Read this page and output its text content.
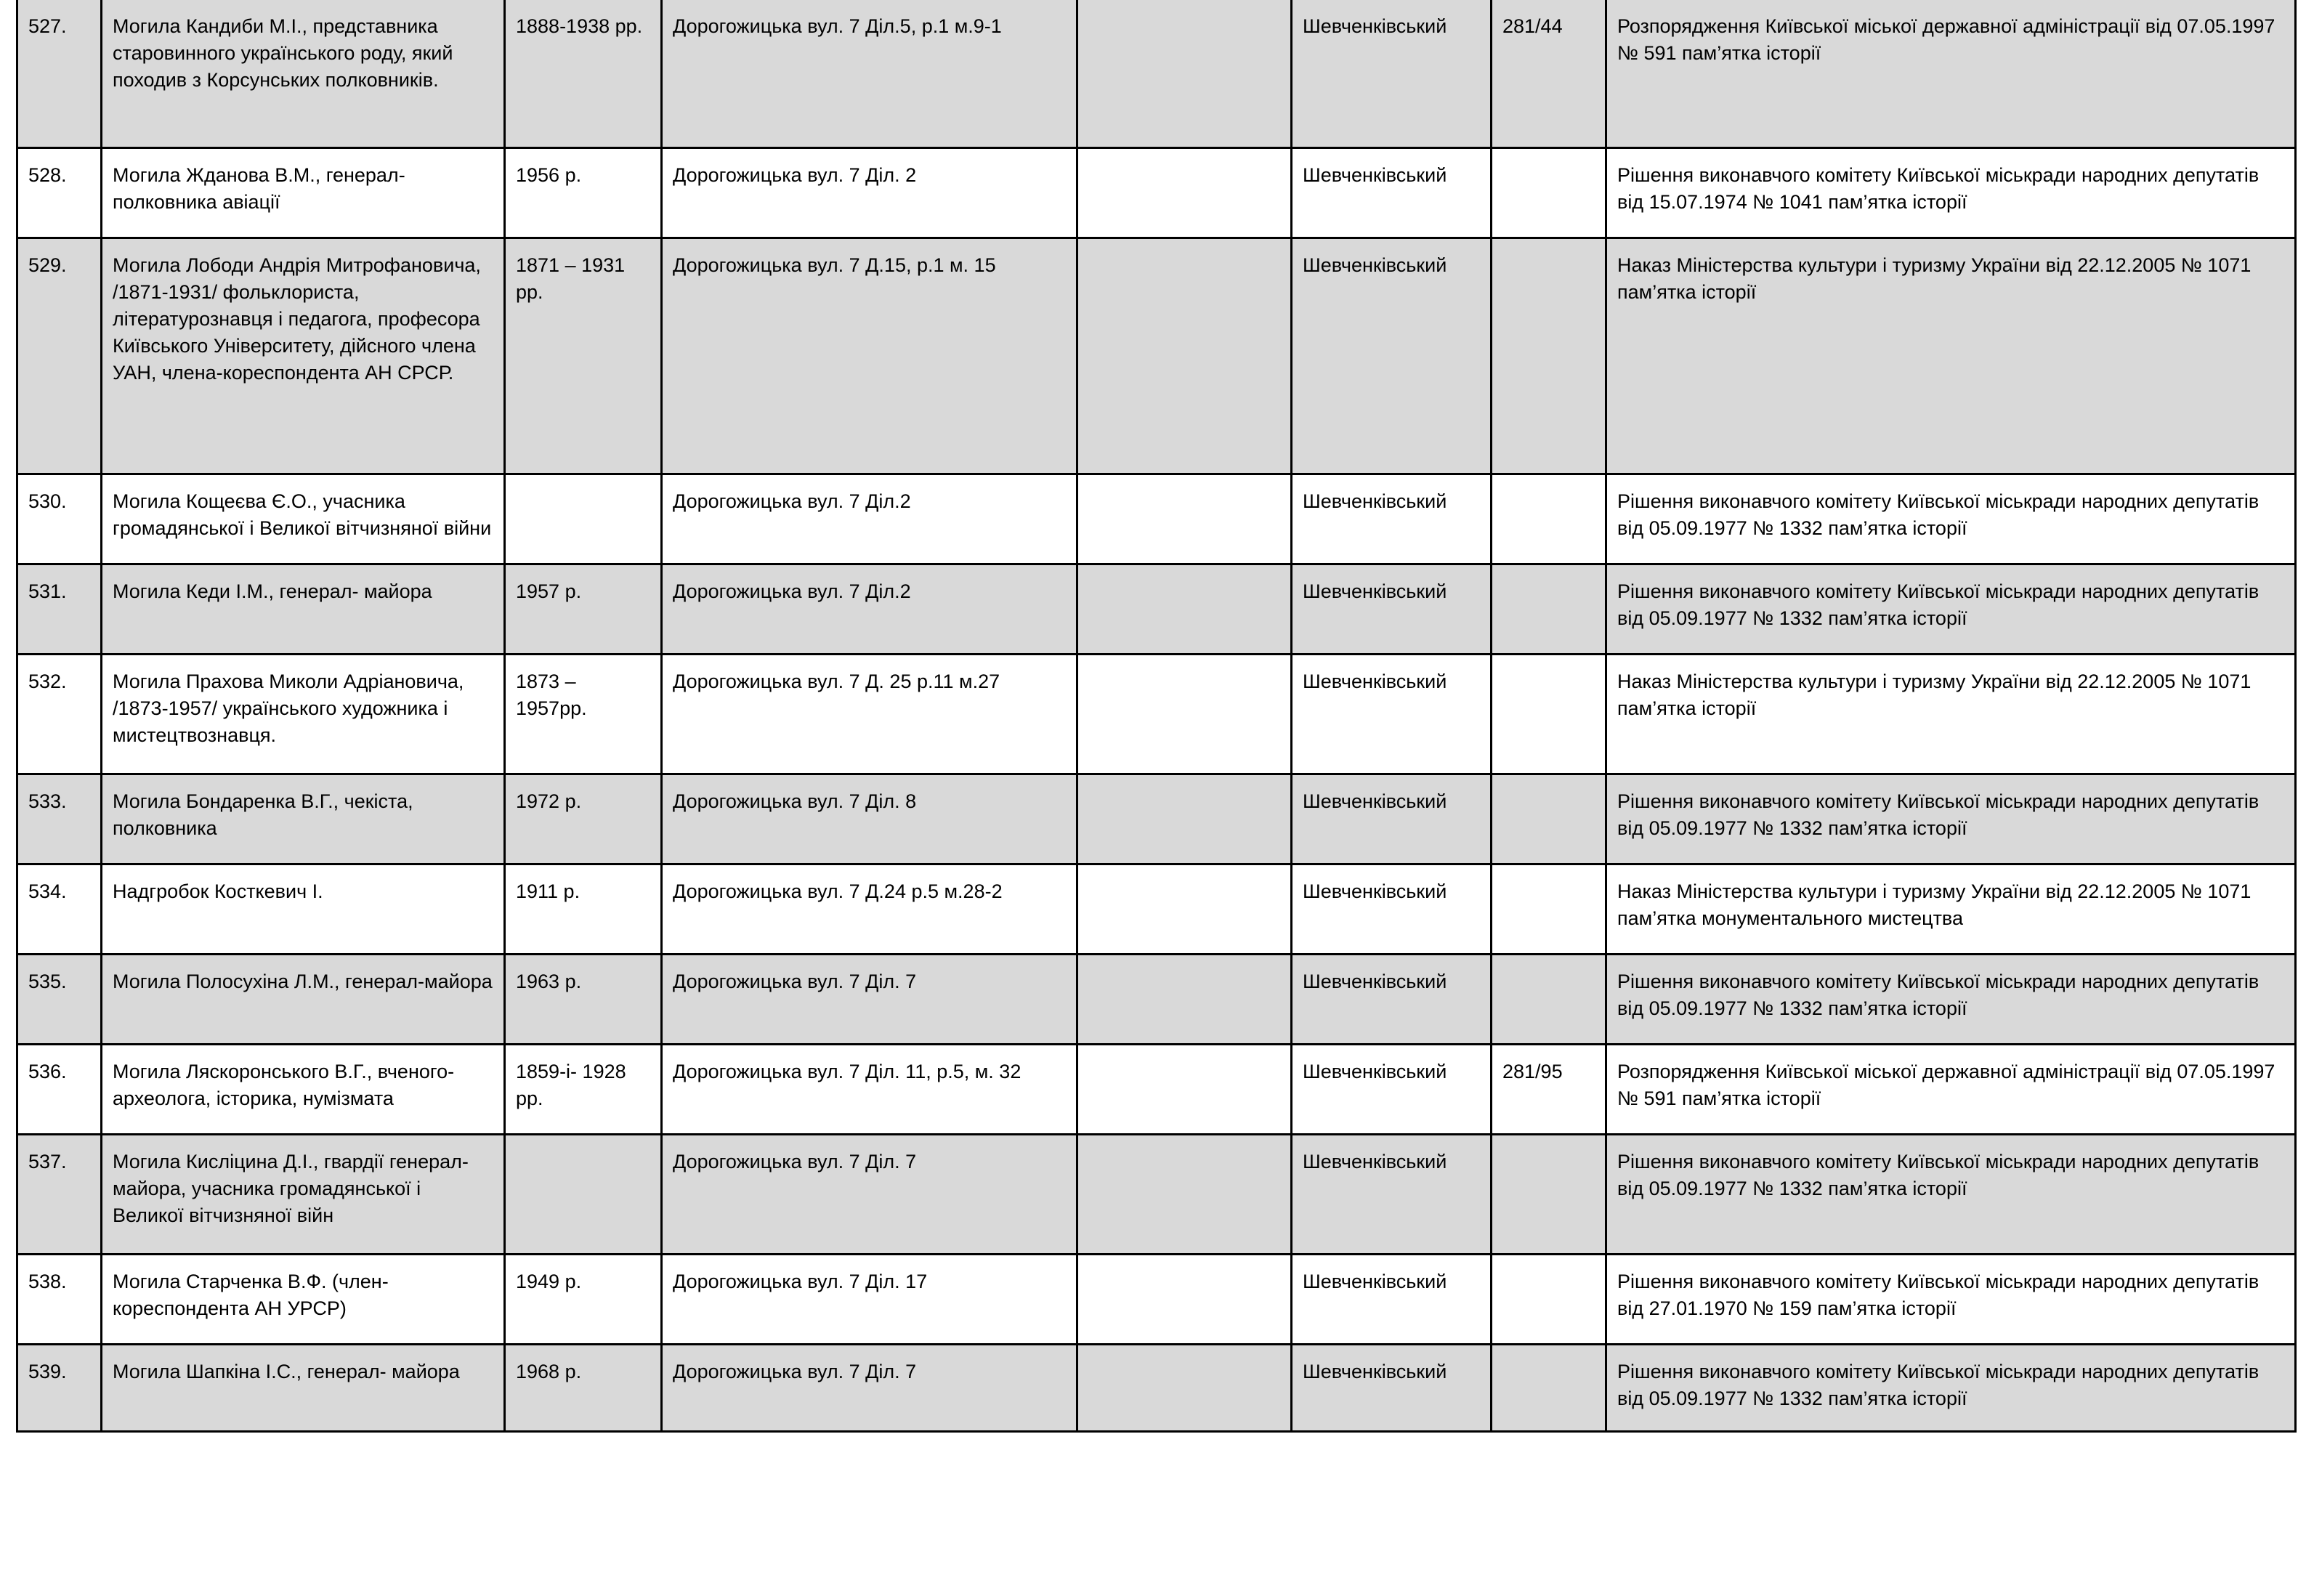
527.	Могила Кандиби М.І., представника старовинного українського роду, який походив з Корсунських полковників.	1888-1938 рр.	Дорогожицька вул. 7 Діл.5, р.1 м.9-1		Шевченківський	281/44	Розпорядження Київської міської державної адміністрації від 07.05.1997 № 591 пам’ятка історії
528.	Могила Жданова В.М., генерал-полковника авіації	1956 р.	Дорогожицька вул. 7 Діл. 2		Шевченківський		Рішення виконавчого комітету Київської міськради народних депутатів від 15.07.1974 № 1041 пам’ятка історії
529.	Могила Лободи Андрія Митрофановича, /1871-1931/ фольклориста, літературознавця і педагога, професора Київського Університету, дійсного члена УАН, члена-кореспондента АН СРСР.	1871 – 1931 рр.	Дорогожицька вул. 7 Д.15, р.1 м. 15		Шевченківський		Наказ Міністерства культури і туризму України від 22.12.2005 № 1071 пам’ятка історії
530.	Могила Кощеєва Є.О., учасника громадянської і Великої вітчизняної війни		Дорогожицька вул. 7 Діл.2		Шевченківський		Рішення виконавчого комітету Київської міськради народних депутатів від 05.09.1977 № 1332 пам’ятка історії
531.	Могила Кеди І.М., генерал- майора	1957 р.	Дорогожицька вул. 7 Діл.2		Шевченківський		Рішення виконавчого комітету Київської міськради народних депутатів від 05.09.1977 № 1332 пам’ятка історії
532.	Могила Прахова Миколи Адріановича, /1873-1957/ українського художника і мистецтвознавця.	1873 – 1957рр.	Дорогожицька вул. 7 Д. 25 р.11 м.27		Шевченківський		Наказ Міністерства культури і туризму України від 22.12.2005 № 1071 пам’ятка історії
533.	Могила Бондаренка В.Г., чекіста, полковника	1972 р.	Дорогожицька вул. 7 Діл. 8		Шевченківський		Рішення виконавчого комітету Київської міськради народних депутатів від 05.09.1977 № 1332 пам’ятка історії
534.	Надгробок Косткевич І.	1911 р.	Дорогожицька вул. 7 Д.24 р.5 м.28-2		Шевченківський		Наказ Міністерства культури і туризму України від 22.12.2005 № 1071 пам’ятка монументального мистецтва
535.	Могила Полосухіна Л.М., генерал-майора	1963 р.	Дорогожицька вул. 7 Діл. 7		Шевченківський		Рішення виконавчого комітету Київської міськради народних депутатів від 05.09.1977 № 1332 пам’ятка історії
536.	Могила Ляскоронського В.Г., вченого-археолога, історика, нумізмата	1859-і- 1928 рр.	Дорогожицька вул. 7 Діл. 11, р.5, м. 32		Шевченківський	281/95	Розпорядження Київської міської державної адміністрації від 07.05.1997 № 591 пам’ятка історії
537.	Могила Кисліцина Д.І., гвардії генерал-майора, учасника громадянської і Великої вітчизняної війн		Дорогожицька вул. 7 Діл. 7		Шевченківський		Рішення виконавчого комітету Київської міськради народних депутатів від 05.09.1977 № 1332 пам’ятка історії
538.	Могила Старченка В.Ф. (член-кореспондента АН УРСР)	1949 р.	Дорогожицька вул. 7 Діл. 17		Шевченківський		Рішення виконавчого комітету Київської міськради народних депутатів від 27.01.1970 № 159 пам’ятка історії
539.	Могила Шапкіна І.С., генерал- майора	1968 р.	Дорогожицька вул. 7 Діл. 7		Шевченківський		Рішення виконавчого комітету Київської міськради народних депутатів від 05.09.1977 № 1332 пам’ятка історії
